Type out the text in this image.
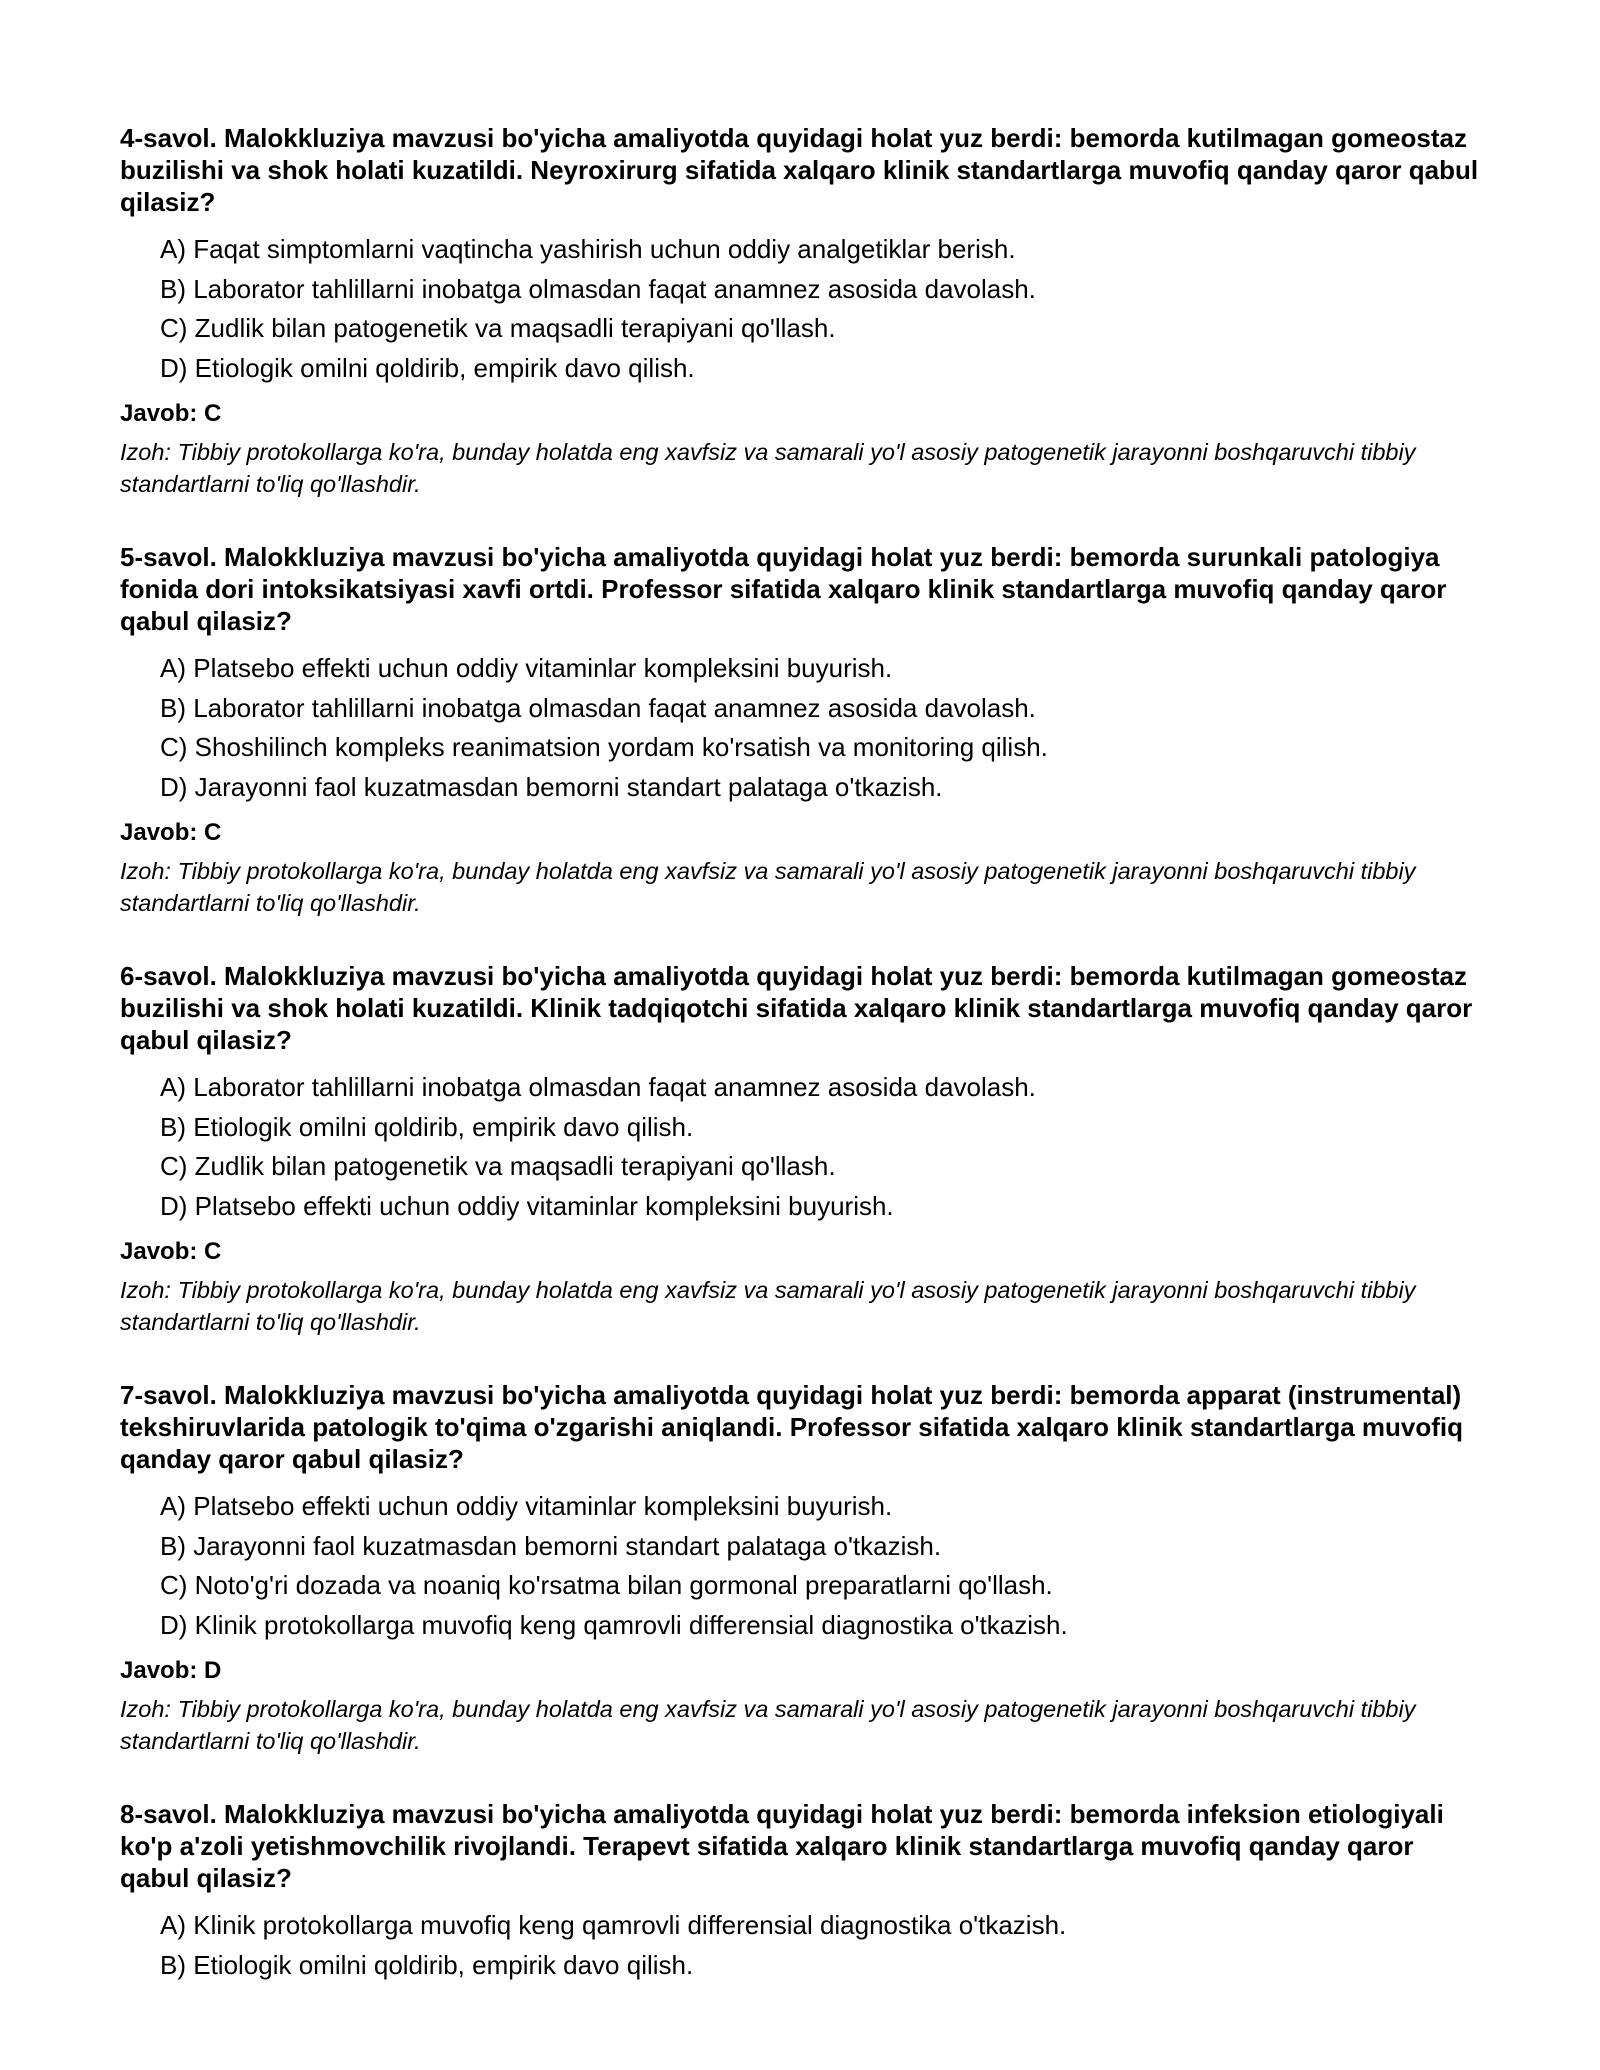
4-savol. Malokkluziya mavzusi bo'yicha amaliyotda quyidagi holat yuz berdi: bemorda kutilmagan gomeostaz buzilishi va shok holati kuzatildi. Neyroxirurg sifatida xalqaro klinik standartlarga muvofiq qanday qaror qabul qilasiz?

A) Faqat simptomlarni vaqtincha yashirish uchun oddiy analgetiklar berish.
B) Laborator tahlillarni inobatga olmasdan faqat anamnez asosida davolash.
C) Zudlik bilan patogenetik va maqsadli terapiyani qo'llash.
D) Etiologik omilni qoldirib, empirik davo qilish.

Javob: C

Izoh: Tibbiy protokollarga ko'ra, bunday holatda eng xavfsiz va samarali yo'l asosiy patogenetik jarayonni boshqaruvchi tibbiy standartlarni to'liq qo'llashdir.

5-savol. Malokkluziya mavzusi bo'yicha amaliyotda quyidagi holat yuz berdi: bemorda surunkali patologiya fonida dori intoksikatsiyasi xavfi ortdi. Professor sifatida xalqaro klinik standartlarga muvofiq qanday qaror qabul qilasiz?

A) Platsebo effekti uchun oddiy vitaminlar kompleksini buyurish.
B) Laborator tahlillarni inobatga olmasdan faqat anamnez asosida davolash.
C) Shoshilinch kompleks reanimatsion yordam ko'rsatish va monitoring qilish.
D) Jarayonni faol kuzatmasdan bemorni standart palataga o'tkazish.

Javob: C

Izoh: Tibbiy protokollarga ko'ra, bunday holatda eng xavfsiz va samarali yo'l asosiy patogenetik jarayonni boshqaruvchi tibbiy standartlarni to'liq qo'llashdir.

6-savol. Malokkluziya mavzusi bo'yicha amaliyotda quyidagi holat yuz berdi: bemorda kutilmagan gomeostaz buzilishi va shok holati kuzatildi. Klinik tadqiqotchi sifatida xalqaro klinik standartlarga muvofiq qanday qaror qabul qilasiz?

A) Laborator tahlillarni inobatga olmasdan faqat anamnez asosida davolash.
B) Etiologik omilni qoldirib, empirik davo qilish.
C) Zudlik bilan patogenetik va maqsadli terapiyani qo'llash.
D) Platsebo effekti uchun oddiy vitaminlar kompleksini buyurish.

Javob: C

Izoh: Tibbiy protokollarga ko'ra, bunday holatda eng xavfsiz va samarali yo'l asosiy patogenetik jarayonni boshqaruvchi tibbiy standartlarni to'liq qo'llashdir.

7-savol. Malokkluziya mavzusi bo'yicha amaliyotda quyidagi holat yuz berdi: bemorda apparat (instrumental) tekshiruvlarida patologik to'qima o'zgarishi aniqlandi. Professor sifatida xalqaro klinik standartlarga muvofiq qanday qaror qabul qilasiz?

A) Platsebo effekti uchun oddiy vitaminlar kompleksini buyurish.
B) Jarayonni faol kuzatmasdan bemorni standart palataga o'tkazish.
C) Noto'g'ri dozada va noaniq ko'rsatma bilan gormonal preparatlarni qo'llash.
D) Klinik protokollarga muvofiq keng qamrovli differensial diagnostika o'tkazish.

Javob: D

Izoh: Tibbiy protokollarga ko'ra, bunday holatda eng xavfsiz va samarali yo'l asosiy patogenetik jarayonni boshqaruvchi tibbiy standartlarni to'liq qo'llashdir.

8-savol. Malokkluziya mavzusi bo'yicha amaliyotda quyidagi holat yuz berdi: bemorda infeksion etiologiyali ko'p a'zoli yetishmovchilik rivojlandi. Terapevt sifatida xalqaro klinik standartlarga muvofiq qanday qaror qabul qilasiz?

A) Klinik protokollarga muvofiq keng qamrovli differensial diagnostika o'tkazish.
B) Etiologik omilni qoldirib, empirik davo qilish.
